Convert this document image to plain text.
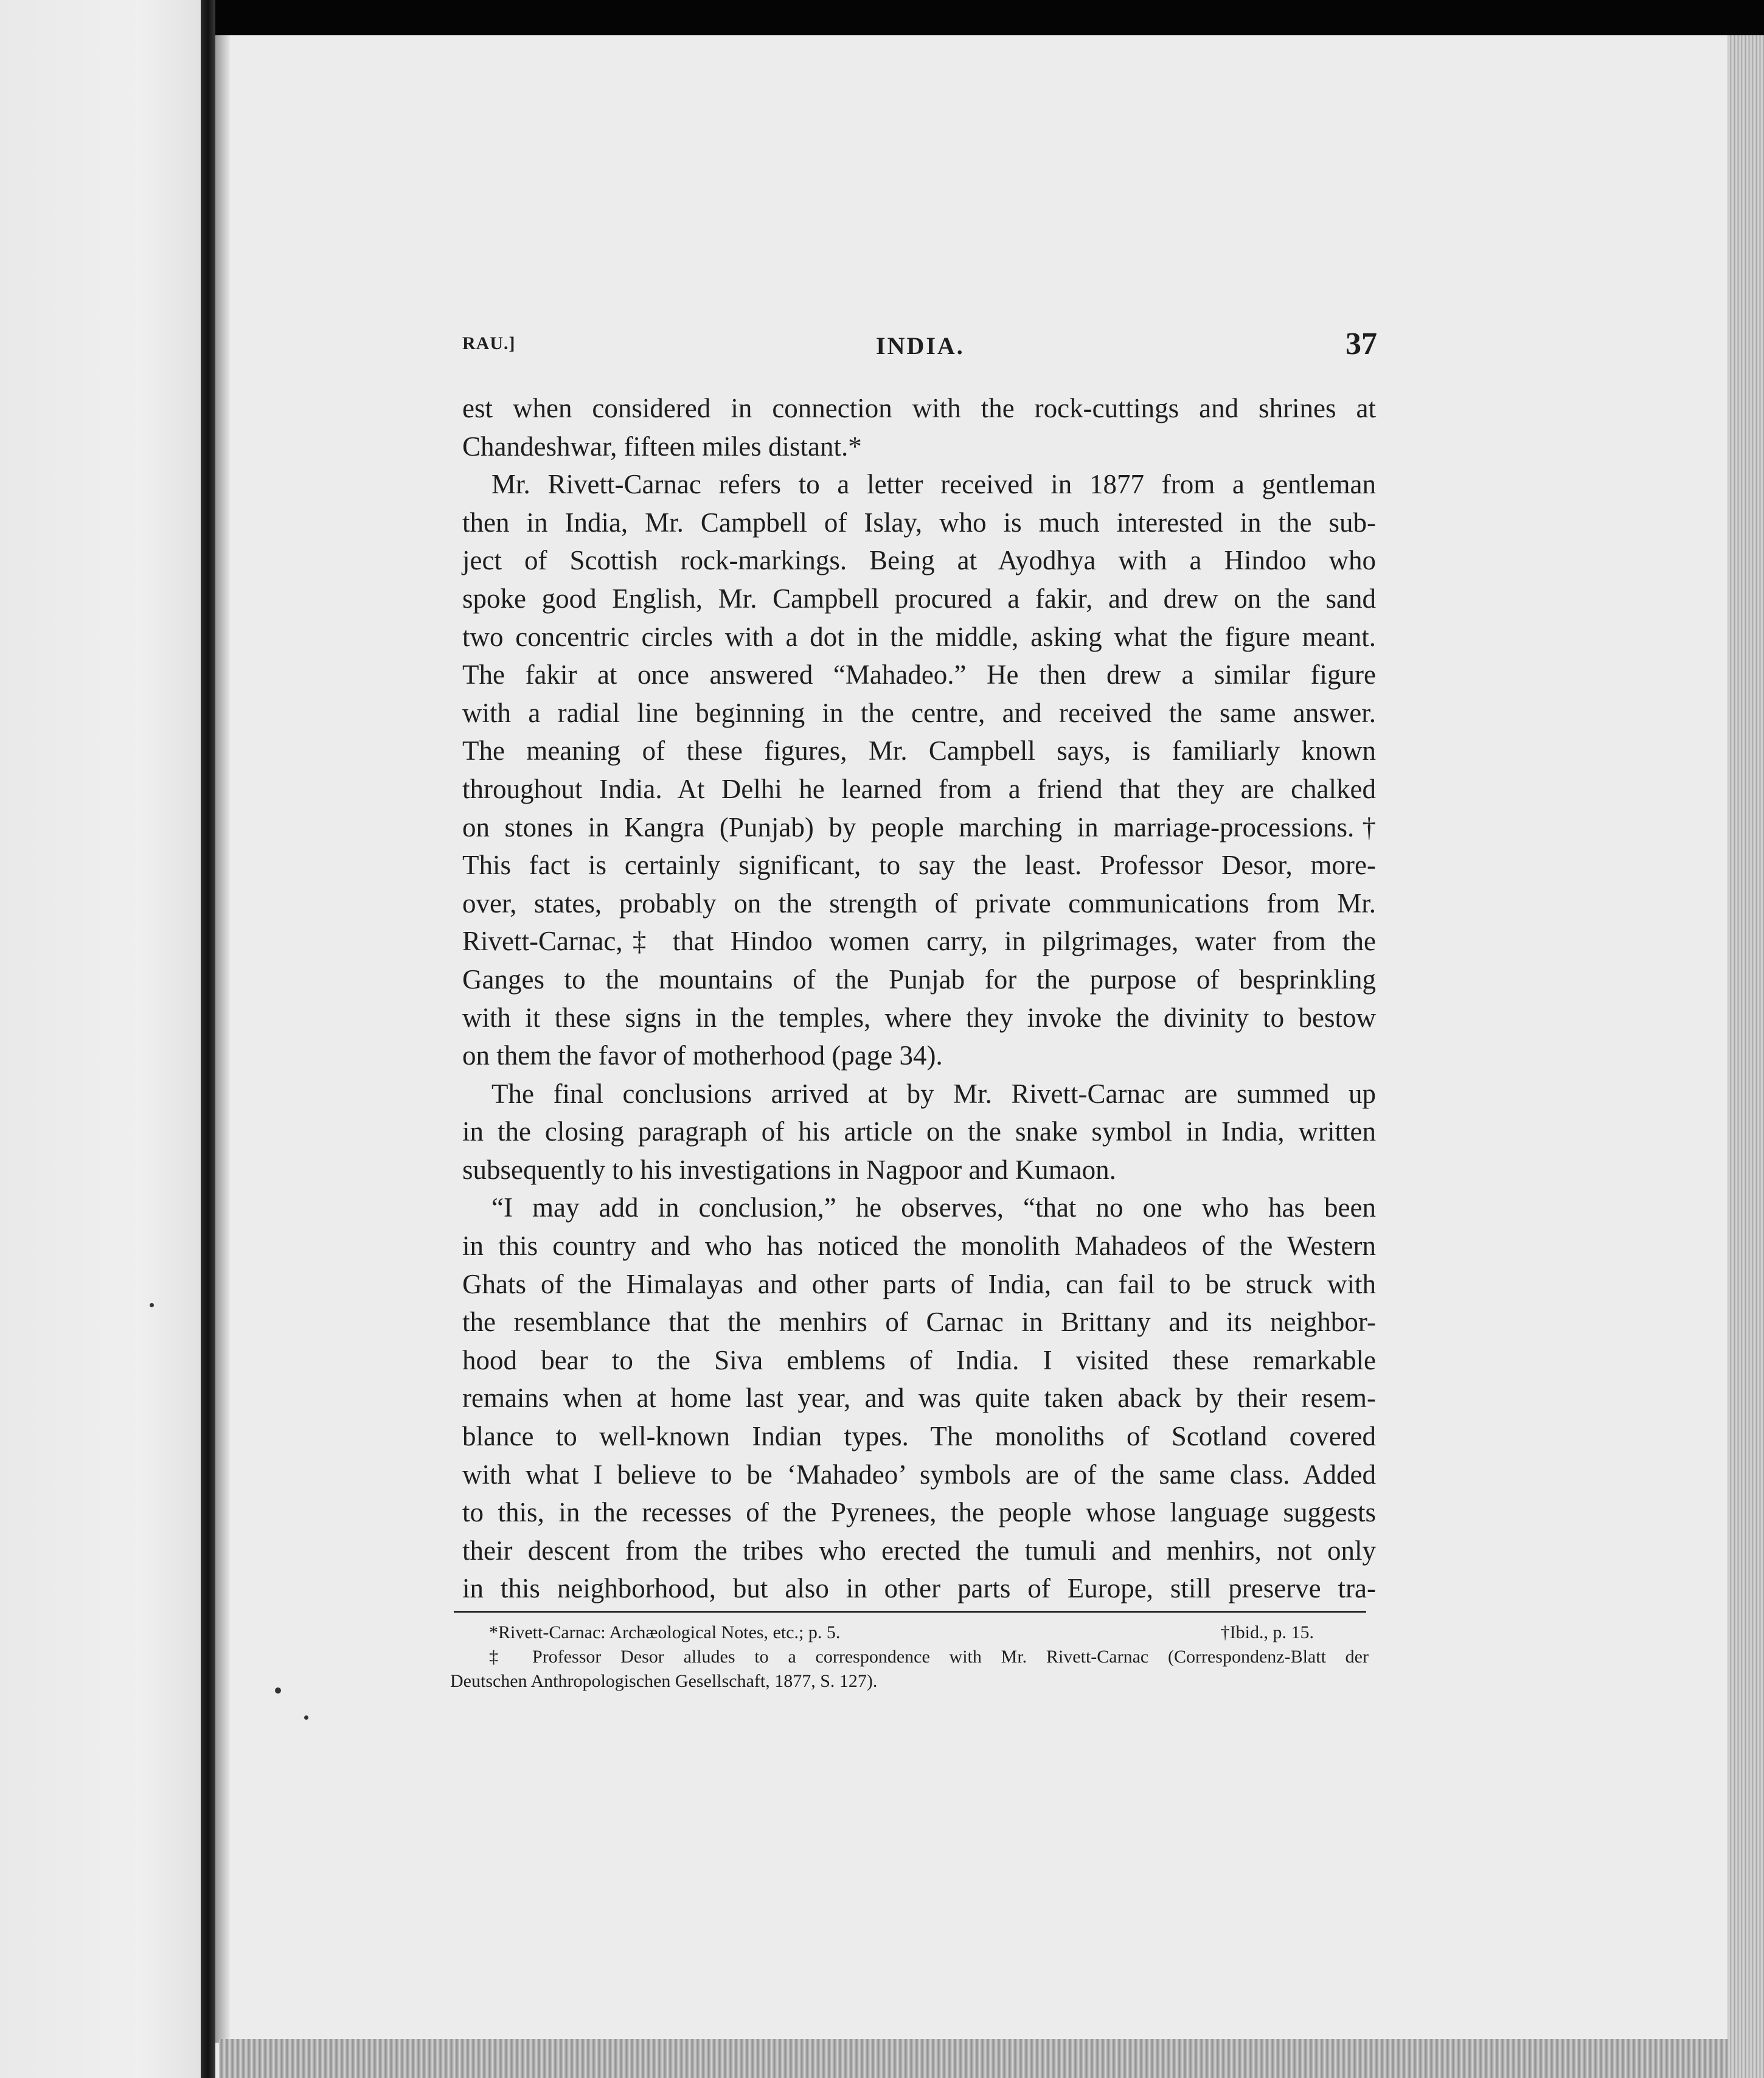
RAU.]	INDIA.	37
est when considered in connection with the rock-cuttings and shrines at
Chandeshwar, fifteen miles distant.*
Mr. Rivett-Carnac refers to a letter received in 1877 from a gentleman
then in India, Mr. Campbell of Islay, who is much interested in the sub-
ject of Scottish rock-markings. Being at Ayodhya with a Hindoo who
spoke good English, Mr. Campbell procured a fakir, and drew on the sand
two concentric circles with a dot in the middle, asking what the figure meant.
The fakir at once answered “Mahadeo.” He then drew a similar figure
with a radial line beginning in the centre, and received the same answer.
The meaning of these figures, Mr. Campbell says, is familiarly known
throughout India. At Delhi he learned from a friend that they are chalked
on stones in Kangra (Punjab) by people marching in marriage-processions.†
This fact is certainly significant, to say the least. Professor Desor, more-
over, states, probably on the strength of private communications from Mr.
Rivett-Carnac,‡ that Hindoo women carry, in pilgrimages, water from the
Ganges to the mountains of the Punjab for the purpose of besprinkling
with it these signs in the temples, where they invoke the divinity to bestow
on them the favor of motherhood (page 34).
The final conclusions arrived at by Mr. Rivett-Carnac are summed up
in the closing paragraph of his article on the snake symbol in India, written
subsequently to his investigations in Nagpoor and Kumaon.
“I may add in conclusion,” he observes, “that no one who has been
in this country and who has noticed the monolith Mahadeos of the Western
Ghats of the Himalayas and other parts of India, can fail to be struck with
the resemblance that the menhirs of Carnac in Brittany and its neighbor-
hood bear to the Siva emblems of India. I visited these remarkable
remains when at home last year, and was quite taken aback by their resem-
blance to well-known Indian types. The monoliths of Scotland covered
with what I believe to be ‘Mahadeo’ symbols are of the same class. Added
to this, in the recesses of the Pyrenees, the people whose language suggests
their descent from the tribes who erected the tumuli and menhirs, not only
in this neighborhood, but also in other parts of Europe, still preserve tra-
*Rivett-Carnac: Archæological Notes, etc.; p. 5.	†Ibid., p. 15.
‡ Professor Desor alludes to a correspondence with Mr. Rivett-Carnac (Correspondenz-Blatt der
Deutschen Anthropologischen Gesellschaft, 1877, S. 127).
